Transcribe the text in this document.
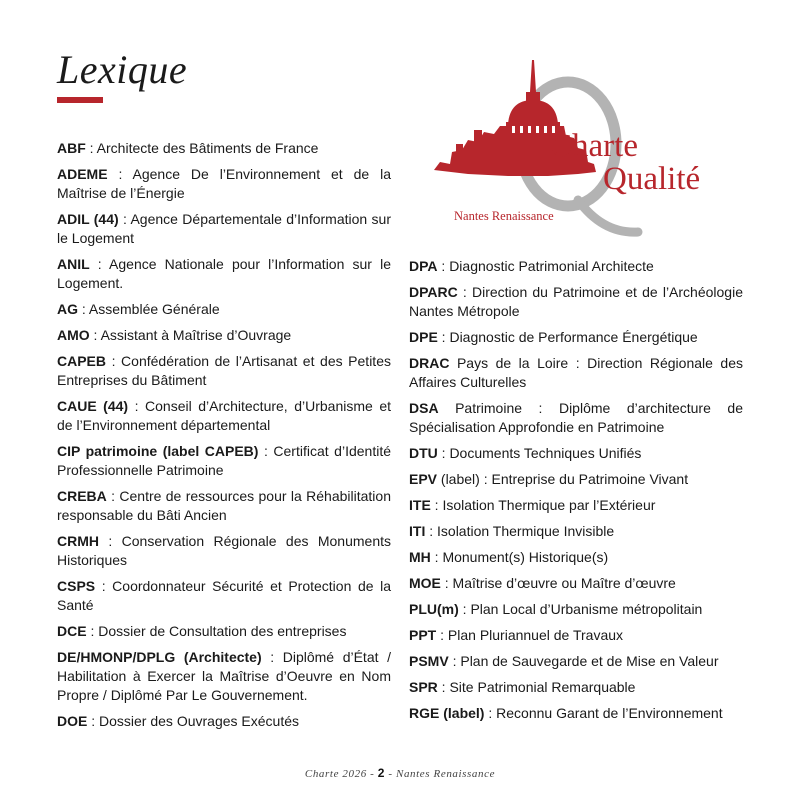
Lexique
Charte
Qualité
Nantes Renaissance

ABF : Architecte des Bâtiments de France

ADEME : Agence De l’Environnement et de la Maîtrise de l’Énergie

ADIL (44) : Agence Départementale d’Information sur le Logement

ANIL : Agence Nationale pour l’Information sur le Logement.

AG : Assemblée Générale

AMO : Assistant à Maîtrise d’Ouvrage

CAPEB : Confédération de l’Artisanat et des Petites Entreprises du Bâtiment

CAUE (44) : Conseil d’Architecture, d’Urbanisme et de l’Environnement départemental

CIP patrimoine (label CAPEB) : Certificat d’Identité Professionnelle Patrimoine

CREBA : Centre de ressources pour la Réhabilitation responsable du Bâti Ancien

CRMH : Conservation Régionale des Monuments Historiques

CSPS : Coordonnateur Sécurité et Protection de la Santé

DCE : Dossier de Consultation des entreprises

DE/HMONP/DPLG (Architecte) : Diplômé d’État / Habilitation à Exercer la Maîtrise d’Oeuvre en Nom Propre / Diplômé Par Le Gouvernement.

DOE : Dossier des Ouvrages Exécutés

DPA : Diagnostic Patrimonial Architecte

DPARC : Direction du Patrimoine et de l’Archéologie Nantes Métropole

DPE : Diagnostic de Performance Énergétique

DRAC Pays de la Loire : Direction Régionale des Affaires Culturelles

DSA Patrimoine : Diplôme d’architecture de Spécialisation Approfondie en Patrimoine

DTU : Documents Techniques Unifiés

EPV (label) : Entreprise du Patrimoine Vivant

ITE : Isolation Thermique par l’Extérieur

ITI : Isolation Thermique Invisible

MH : Monument(s) Historique(s)

MOE : Maîtrise d’œuvre ou Maître d’œuvre

PLU(m) : Plan Local d’Urbanisme métropolitain

PPT : Plan Pluriannuel de Travaux

PSMV : Plan de Sauvegarde et de Mise en Valeur

SPR : Site Patrimonial Remarquable

RGE (label) : Reconnu Garant de l’Environnement

Charte 2026 - 2 - Nantes Renaissance
